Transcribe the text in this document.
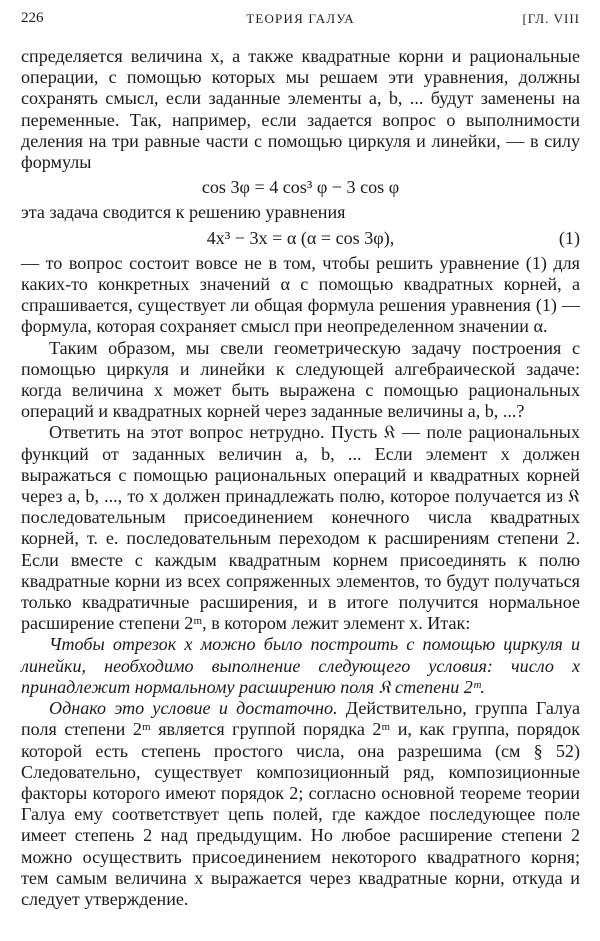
226	ТЕОРИЯ ГАЛУА	[ГЛ. VIII

спределяется величина x, а также квадратные корни и рациональные операции, с помощью которых мы решаем эти уравнения, должны сохранять смысл, если заданные элементы a, b, ... будут заменены на переменные. Так, например, если задается вопрос о выполнимости деления на три равные части с помощью циркуля и линейки, — в силу формулы

cos 3φ = 4 cos³ φ − 3 cos φ

эта задача сводится к решению уравнения

4x³ − 3x = α (α = cos 3φ),	(1)

— то вопрос состоит вовсе не в том, чтобы решить уравнение (1) для каких-то конкретных значений α с помощью квадратных корней, а спрашивается, существует ли общая формула решения уравнения (1) — формула, которая сохраняет смысл при неопределенном значении α.

Таким образом, мы свели геометрическую задачу построения с помощью циркуля и линейки к следующей алгебраической задаче: когда величина x может быть выражена с помощью рациональных операций и квадратных корней через заданные величины a, b, ...?

Ответить на этот вопрос нетрудно. Пусть 𝔎 — поле рациональных функций от заданных величин a, b, ... Если элемент x должен выражаться с помощью рациональных операций и квадратных корней через a, b, ..., то x должен принадлежать полю, которое получается из 𝔎 последовательным присоединением конечного числа квадратных корней, т. е. последовательным переходом к расширениям степени 2. Если вместе с каждым квадратным корнем присоединять к полю квадратные корни из всех сопряженных элементов, то будут получаться только квадратичные расширения, и в итоге получится нормальное расширение степени 2ᵐ, в котором лежит элемент x. Итак:

Чтобы отрезок x можно было построить с помощью циркуля и линейки, необходимо выполнение следующего условия: число x принадлежит нормальному расширению поля 𝔎 степени 2ᵐ.

Однако это условие и достаточно. Действительно, группа Галуа поля степени 2ᵐ является группой порядка 2ᵐ и, как группа, порядок которой есть степень простого числа, она разрешима (см § 52) Следовательно, существует композиционный ряд, композиционные факторы которого имеют порядок 2; согласно основной теореме теории Галуа ему соответствует цепь полей, где каждое последующее поле имеет степень 2 над предыдущим. Но любое расширение степени 2 можно осуществить присоединением некоторого квадратного корня; тем самым величина x выражается через квадратные корни, откуда и следует утверждение.
